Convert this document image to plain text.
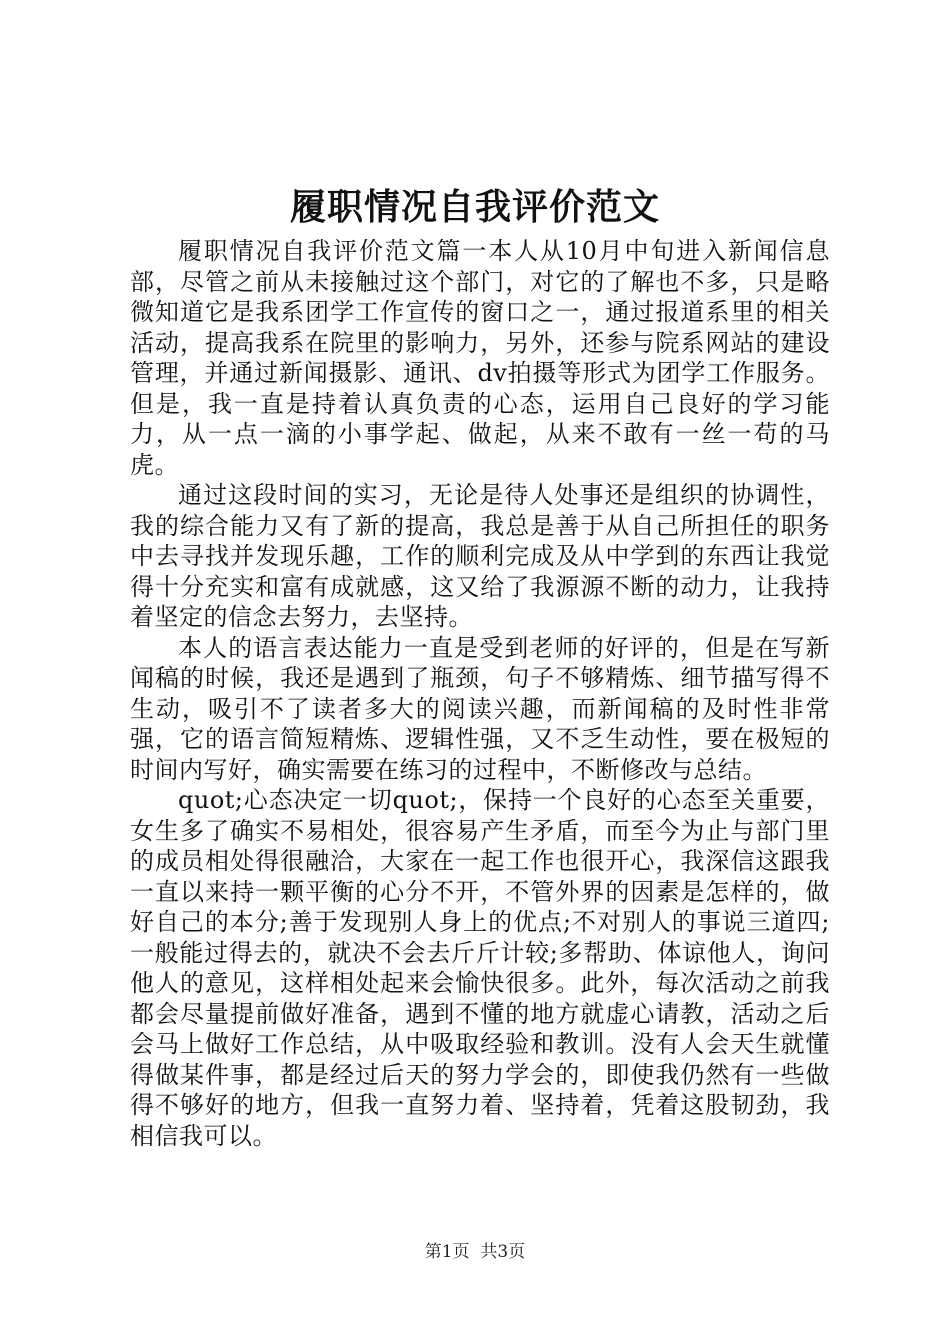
履职情况自我评价范文

履职情况自我评价范文篇一本人从10月中旬进入新闻信息部，尽管之前从未接触过这个部门，对它的了解也不多，只是略微知道它是我系团学工作宣传的窗口之一，通过报道系里的相关活动，提高我系在院里的影响力，另外，还参与院系网站的建设管理，并通过新闻摄影、通讯、dv拍摄等形式为团学工作服务。但是，我一直是持着认真负责的心态，运用自己良好的学习能力，从一点一滴的小事学起、做起，从来不敢有一丝一苟的马虎。

通过这段时间的实习，无论是待人处事还是组织的协调性，我的综合能力又有了新的提高，我总是善于从自己所担任的职务中去寻找并发现乐趣，工作的顺利完成及从中学到的东西让我觉得十分充实和富有成就感，这又给了我源源不断的动力，让我持着坚定的信念去努力，去坚持。

本人的语言表达能力一直是受到老师的好评的，但是在写新闻稿的时候，我还是遇到了瓶颈，句子不够精炼、细节描写得不生动，吸引不了读者多大的阅读兴趣，而新闻稿的及时性非常强，它的语言简短精炼、逻辑性强，又不乏生动性，要在极短的时间内写好，确实需要在练习的过程中，不断修改与总结。

quot;心态决定一切quot;，保持一个良好的心态至关重要，女生多了确实不易相处，很容易产生矛盾，而至今为止与部门里的成员相处得很融洽，大家在一起工作也很开心，我深信这跟我一直以来持一颗平衡的心分不开，不管外界的因素是怎样的，做好自己的本分;善于发现别人身上的优点;不对别人的事说三道四;一般能过得去的，就决不会去斤斤计较;多帮助、体谅他人，询问他人的意见，这样相处起来会愉快很多。此外，每次活动之前我都会尽量提前做好准备，遇到不懂的地方就虚心请教，活动之后会马上做好工作总结，从中吸取经验和教训。没有人会天生就懂得做某件事，都是经过后天的努力学会的，即使我仍然有一些做得不够好的地方，但我一直努力着、坚持着，凭着这股韧劲，我相信我可以。

第1页 共3页
